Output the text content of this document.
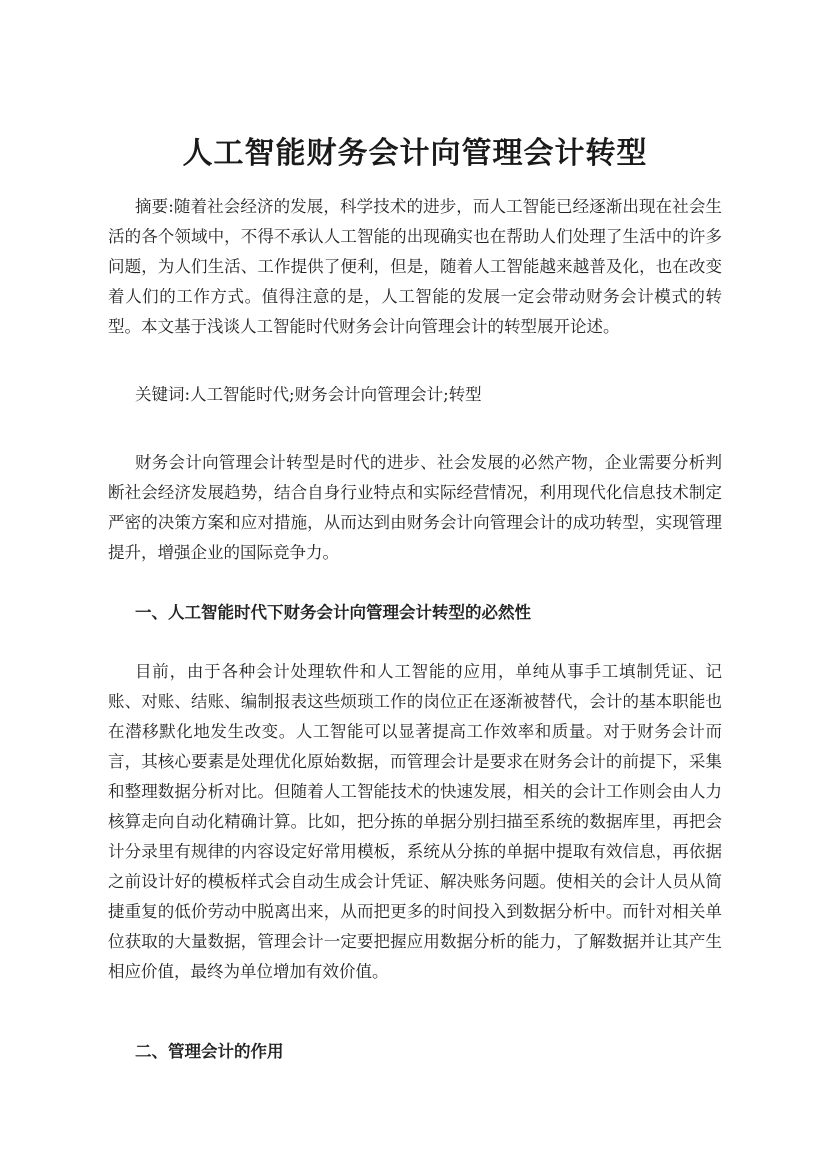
人工智能财务会计向管理会计转型

摘要:随着社会经济的发展，科学技术的进步，而人工智能已经逐渐出现在社会生活的各个领域中，不得不承认人工智能的出现确实也在帮助人们处理了生活中的许多问题，为人们生活、工作提供了便利，但是，随着人工智能越来越普及化，也在改变着人们的工作方式。值得注意的是，人工智能的发展一定会带动财务会计模式的转型。本文基于浅谈人工智能时代财务会计向管理会计的转型展开论述。

关键词:人工智能时代;财务会计向管理会计;转型

财务会计向管理会计转型是时代的进步、社会发展的必然产物，企业需要分析判断社会经济发展趋势，结合自身行业特点和实际经营情况，利用现代化信息技术制定严密的决策方案和应对措施，从而达到由财务会计向管理会计的成功转型，实现管理提升，增强企业的国际竞争力。

一、人工智能时代下财务会计向管理会计转型的必然性

目前，由于各种会计处理软件和人工智能的应用，单纯从事手工填制凭证、记账、对账、结账、编制报表这些烦琐工作的岗位正在逐渐被替代，会计的基本职能也在潜移默化地发生改变。人工智能可以显著提高工作效率和质量。对于财务会计而言，其核心要素是处理优化原始数据，而管理会计是要求在财务会计的前提下，采集和整理数据分析对比。但随着人工智能技术的快速发展，相关的会计工作则会由人力核算走向自动化精确计算。比如，把分拣的单据分别扫描至系统的数据库里，再把会计分录里有规律的内容设定好常用模板，系统从分拣的单据中提取有效信息，再依据之前设计好的模板样式会自动生成会计凭证、解决账务问题。使相关的会计人员从简捷重复的低价劳动中脱离出来，从而把更多的时间投入到数据分析中。而针对相关单位获取的大量数据，管理会计一定要把握应用数据分析的能力，了解数据并让其产生相应价值，最终为单位增加有效价值。

二、管理会计的作用
